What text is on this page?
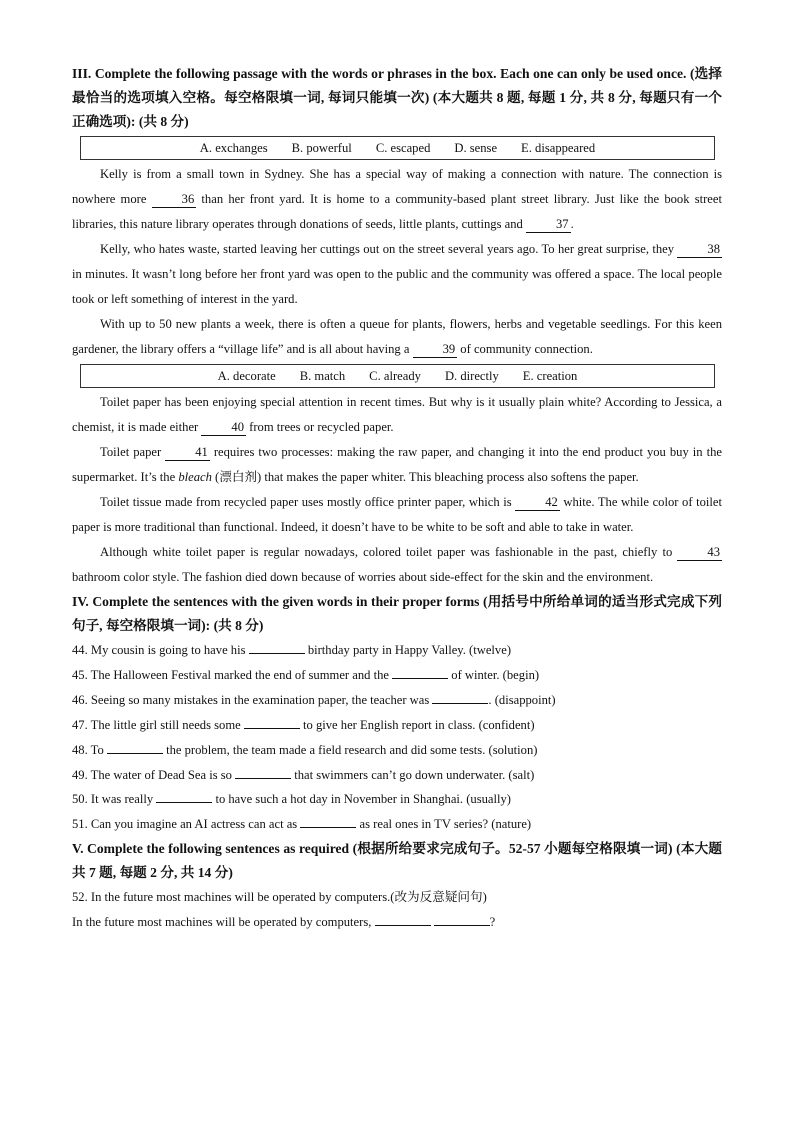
III. Complete the following passage with the words or phrases in the box. Each one can only be used once. (选择最恰当的选项填入空格。每空格限填一词, 每词只能填一次) (本大题共 8 题, 每题 1 分, 共 8 分, 每题只有一个正确选项): (共 8 分)

A. exchanges B. powerful C. escaped D. sense E. disappeared

Kelly is from a small town in Sydney. She has a special way of making a connection with nature. The connection is nowhere more 36 than her front yard. It is home to a community-based plant street library. Just like the book street libraries, this nature library operates through donations of seeds, little plants, cuttings and 37 .

Kelly, who hates waste, started leaving her cuttings out on the street several years ago. To her great surprise, they 38 in minutes. It wasn’t long before her front yard was open to the public and the community was offered a space. The local people took or left something of interest in the yard.

With up to 50 new plants a week, there is often a queue for plants, flowers, herbs and vegetable seedlings. For this keen gardener, the library offers a “village life” and is all about having a 39 of community connection.

A. decorate B. match C. already D. directly E. creation

Toilet paper has been enjoying special attention in recent times. But why is it usually plain white? According to Jessica, a chemist, it is made either 40 from trees or recycled paper.

Toilet paper 41 requires two processes: making the raw paper, and changing it into the end product you buy in the supermarket. It’s the bleach (漂白剂) that makes the paper whiter. This bleaching process also softens the paper.

Toilet tissue made from recycled paper uses mostly office printer paper, which is 42 white. The while color of toilet paper is more traditional than functional. Indeed, it doesn’t have to be white to be soft and able to take in water.

Although white toilet paper is regular nowadays, colored toilet paper was fashionable in the past, chiefly to 43 bathroom color style. The fashion died down because of worries about side-effect for the skin and the environment.

IV. Complete the sentences with the given words in their proper forms (用括号中所给单词的适当形式完成下列句子, 每空格限填一词): (共 8 分)

44. My cousin is going to have his	birthday party in Happy Valley. (twelve)

45. The Halloween Festival marked the end of summer and the	of winter. (begin)

46. Seeing so many mistakes in the examination paper, the teacher was	. (disappoint)

47. The little girl still needs some	to give her English report in class. (confident)

48. To	the problem, the team made a field research and did some tests. (solution)

49. The water of Dead Sea is so	that swimmers can’t go down underwater. (salt)

50. It was really	to have such a hot day in November in Shanghai. (usually)

51. Can you imagine an AI actress can act as	as real ones in TV series? (nature)

V. Complete the following sentences as required (根据所给要求完成句子。52-57 小题每空格限填一词) (本大题共 7 题, 每题 2 分, 共 14 分)

52. In the future most machines will be operated by computers.(改为反意疑问句)

In the future most machines will be operated by computers,	?
